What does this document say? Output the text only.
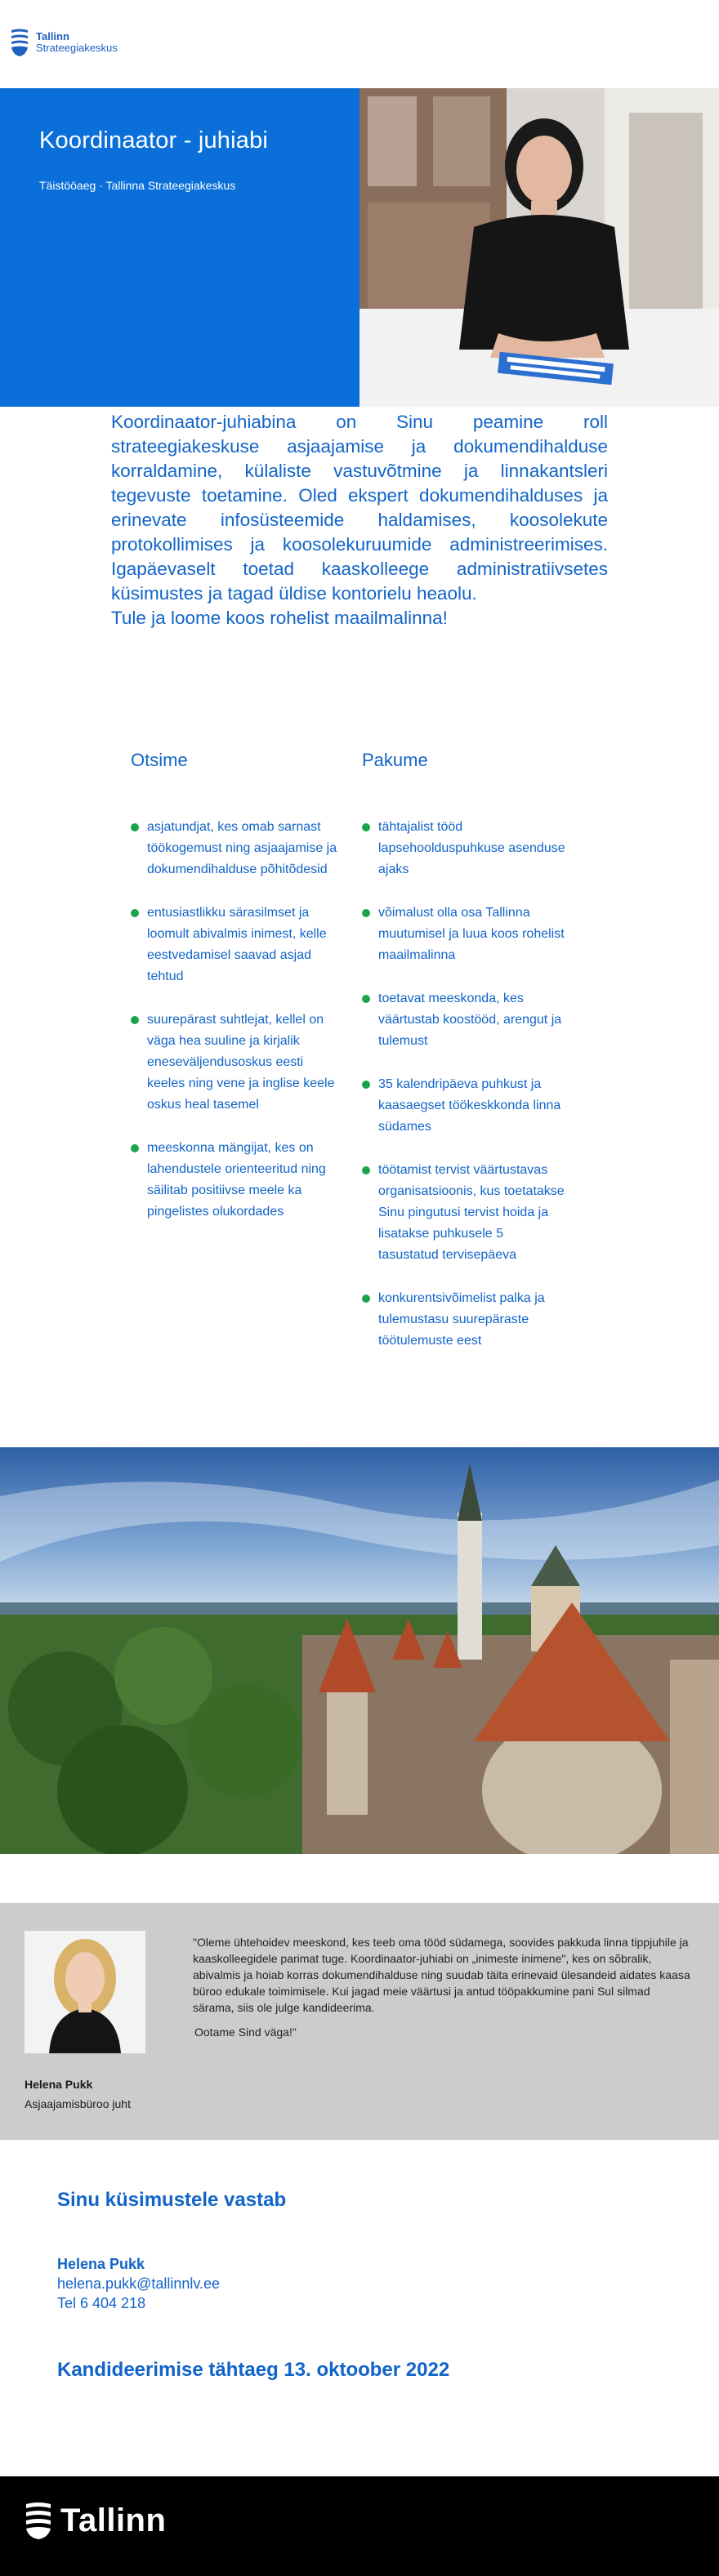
Tallinn
Strateegiakeskus
Koordinaator - juhiabi
Täistööaeg · Tallinna Strateegiakeskus

Koordinaator-juhiabina on Sinu peamine roll strateegiakeskuse asjaajamise ja dokumendihalduse korraldamine, külaliste vastuvõtmine ja linnakantsleri tegevuste toetamine. Oled ekspert dokumendihalduses ja erinevate infosüsteemide haldamises, koosolekute protokollimises ja koosolekuruumide administreerimises. Igapäevaselt toetad kaaskolleege administratiivsetes küsimustes ja tagad üldise kontorielu heaolu.

Tule ja loome koos rohelist maailmalinna!

Otsime	Pakume
asjatundjat, kes omab sarnast töökogemust ning asjaajamise ja dokumendihalduse põhitõdesid
entusiastlikku särasilmset ja loomult abivalmis inimest, kelle eestvedamisel saavad asjad tehtud
suurepärast suhtlejat, kellel on väga hea suuline ja kirjalik eneseväljendusoskus eesti keeles ning vene ja inglise keele oskus heal tasemel
meeskonna mängijat, kes on lahendustele orienteeritud ning säilitab positiivse meele ka pingelistes olukordades
tähtajalist tööd lapsehoolduspuhkuse asenduse ajaks
võimalust olla osa Tallinna muutumisel ja luua koos rohelist maailmalinna
toetavat meeskonda, kes väärtustab koostööd, arengut ja tulemust
35 kalendripäeva puhkust ja kaasaegset töökeskkonda linna südames
töötamist tervist väärtustavas organisatsioonis, kus toetatakse Sinu pingutusi tervist hoida ja lisatakse puhkusele 5 tasustatud tervisepäeva
konkurentsivõimelist palka ja tulemustasu suurepäraste töötulemuste eest
Helena Pukk
Asjaajamisbüroo juht

"Oleme ühtehoidev meeskond, kes teeb oma tööd südamega, soovides pakkuda linna tippjuhile ja kaaskolleegidele parimat tuge. Koordinaator-juhiabi on „inimeste inimene", kes on sõbralik, abivalmis ja hoiab korras dokumendihalduse ning suudab täita erinevaid ülesandeid aidates kaasa büroo edukale toimimisele. Kui jagad meie väärtusi ja antud tööpakkumine pani Sul silmad särama, siis ole julge kandideerima.

Ootame Sind väga!"

Sinu küsimustele vastab
Helena Pukk
helena.pukk@tallinnlv.ee
Tel 6 404 218
Kandideerimise tähtaeg 13. oktoober 2022
Tallinn
